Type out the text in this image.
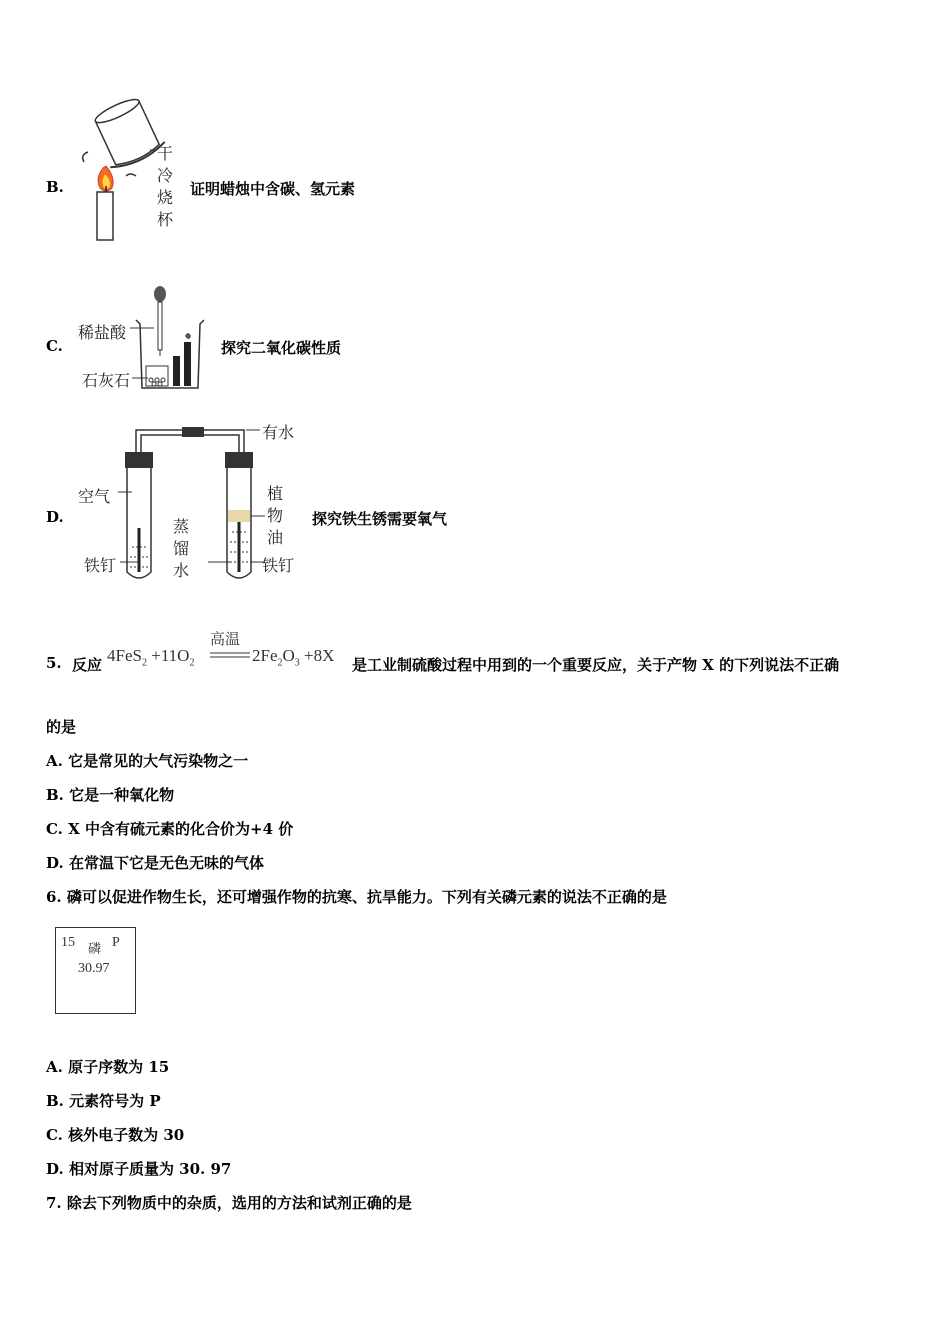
B.
干
冷
烧
杯
证明蜡烛中含碳、氢元素
C.
稀盐酸
石灰石
探究二氧化碳性质
D.
有水
空气
蒸
馏
水
植
物
油
铁钉	铁钉
探究铁生锈需要氧气
5. 反应 $4FeS_2 +11O_2$
高温
$2Fe_2O_3 +8X$ 是工业制硫酸过程中用到的一个重要反应，关于产物 X 的下列说法不正确
的是
A. 它是常见的大气污染物之一
B. 它是一种氧化物
C. X 中含有硫元素的化合价为+4 价
D. 在常温下它是无色无味的气体
6. 磷可以促进作物生长，还可增强作物的抗寒、抗旱能力。下列有关磷元素的说法不正确的是
15 磷 P
30.97
A. 原子序数为 15
B. 元素符号为 P
C. 核外电子数为 30
D. 相对原子质量为 30. 97
7. 除去下列物质中的杂质，选用的方法和试剂正确的是
